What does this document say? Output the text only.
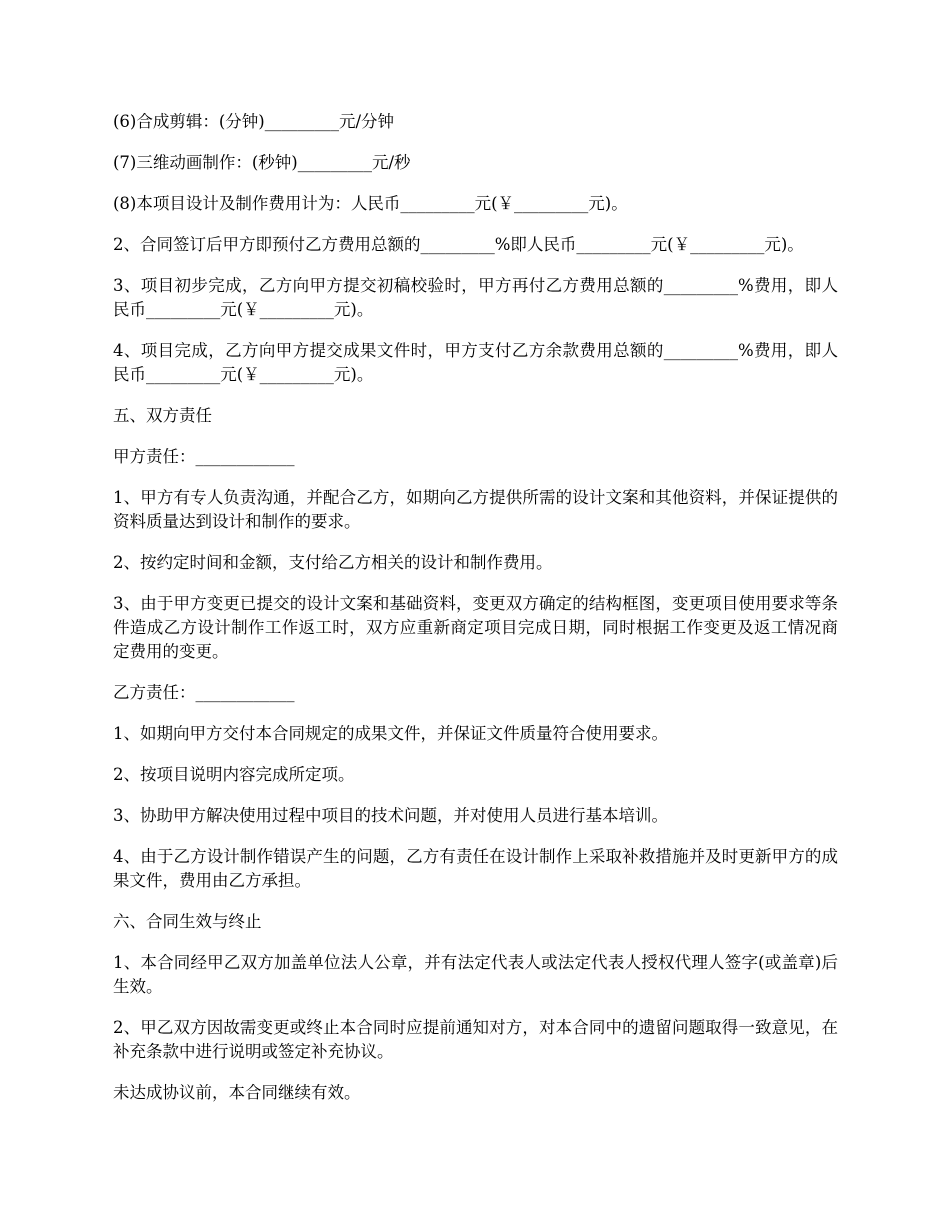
(6)合成剪辑：(分钟)_________元/分钟

(7)三维动画制作：(秒钟)_________元/秒

(8)本项目设计及制作费用计为：人民币_________元(￥_________元)。

2、合同签订后甲方即预付乙方费用总额的_________%即人民币_________元(￥_________元)。

3、项目初步完成，乙方向甲方提交初稿校验时，甲方再付乙方费用总额的_________%费用，即人民币_________元(￥_________元)。

4、项目完成，乙方向甲方提交成果文件时，甲方支付乙方余款费用总额的_________%费用，即人民币_________元(￥_________元)。

五、双方责任

甲方责任：____________

1、甲方有专人负责沟通，并配合乙方，如期向乙方提供所需的设计文案和其他资料，并保证提供的资料质量达到设计和制作的要求。

2、按约定时间和金额，支付给乙方相关的设计和制作费用。

3、由于甲方变更已提交的设计文案和基础资料，变更双方确定的结构框图，变更项目使用要求等条件造成乙方设计制作工作返工时，双方应重新商定项目完成日期，同时根据工作变更及返工情况商定费用的变更。

乙方责任：____________

1、如期向甲方交付本合同规定的成果文件，并保证文件质量符合使用要求。

2、按项目说明内容完成所定项。

3、协助甲方解决使用过程中项目的技术问题，并对使用人员进行基本培训。

4、由于乙方设计制作错误产生的问题，乙方有责任在设计制作上采取补救措施并及时更新甲方的成果文件，费用由乙方承担。

六、合同生效与终止

1、本合同经甲乙双方加盖单位法人公章，并有法定代表人或法定代表人授权代理人签字(或盖章)后生效。

2、甲乙双方因故需变更或终止本合同时应提前通知对方，对本合同中的遗留问题取得一致意见，在补充条款中进行说明或签定补充协议。

未达成协议前，本合同继续有效。
